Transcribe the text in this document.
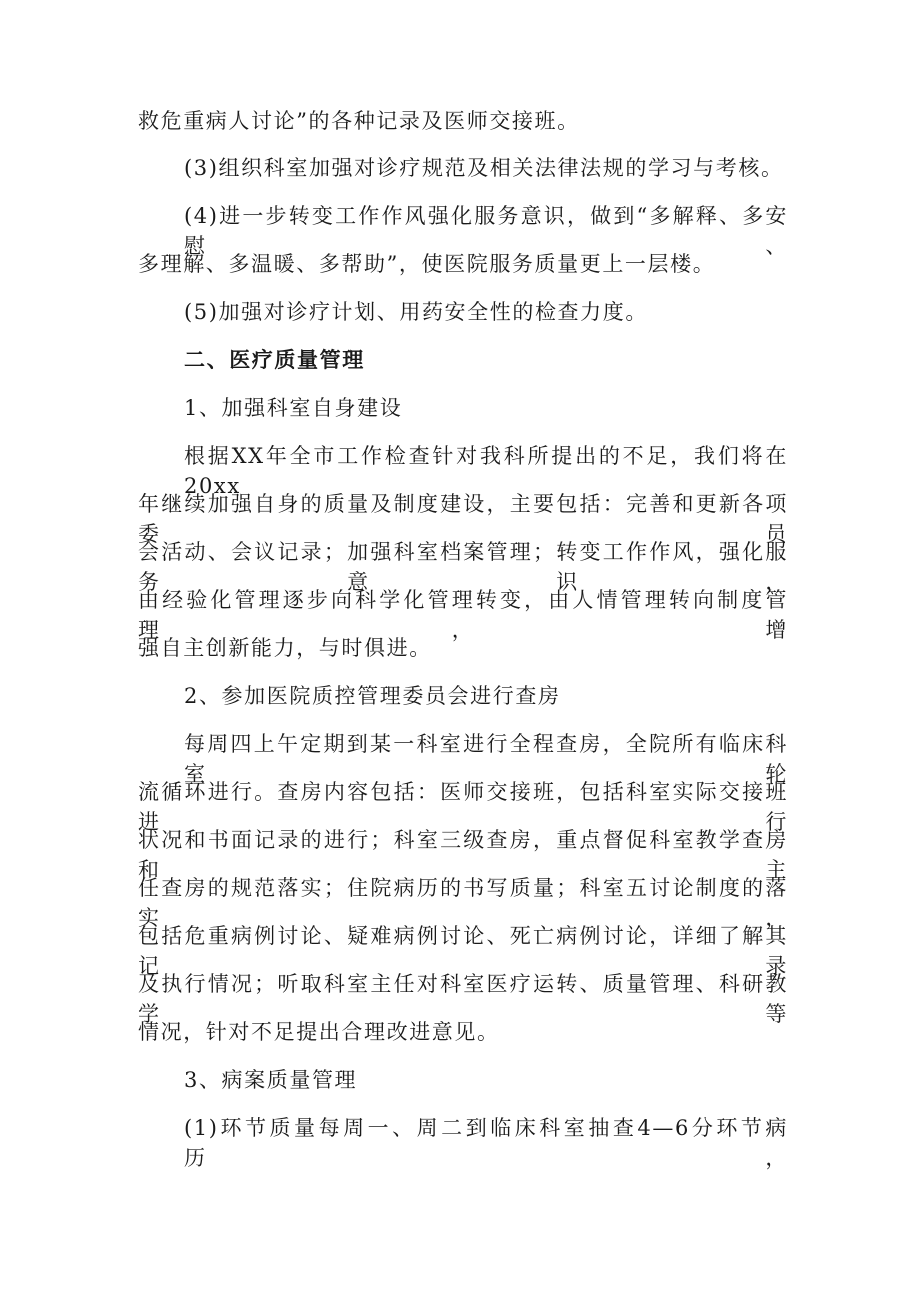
救危重病人讨论”的各种记录及医师交接班。
(3)组织科室加强对诊疗规范及相关法律法规的学习与考核。
(4)进一步转变工作作风强化服务意识，做到“多解释、多安慰、
多理解、多温暖、多帮助”，使医院服务质量更上一层楼。
(5)加强对诊疗计划、用药安全性的检查力度。
二、医疗质量管理
1、加强科室自身建设
根据XX年全市工作检查针对我科所提出的不足，我们将在20xx
年继续加强自身的质量及制度建设，主要包括：完善和更新各项委员
会活动、会议记录；加强科室档案管理；转变工作作风，强化服务意识，
由经验化管理逐步向科学化管理转变，由人情管理转向制度管理，增
强自主创新能力，与时俱进。
2、参加医院质控管理委员会进行查房
每周四上午定期到某一科室进行全程查房，全院所有临床科室轮
流循环进行。查房内容包括：医师交接班，包括科室实际交接班进行
状况和书面记录的进行；科室三级查房，重点督促科室教学查房和主
任查房的规范落实；住院病历的书写质量；科室五讨论制度的落实，
包括危重病例讨论、疑难病例讨论、死亡病例讨论，详细了解其记录
及执行情况；听取科室主任对科室医疗运转、质量管理、科研教学等
情况，针对不足提出合理改进意见。
3、病案质量管理
(1)环节质量每周一、周二到临床科室抽查4—6分环节病历，
